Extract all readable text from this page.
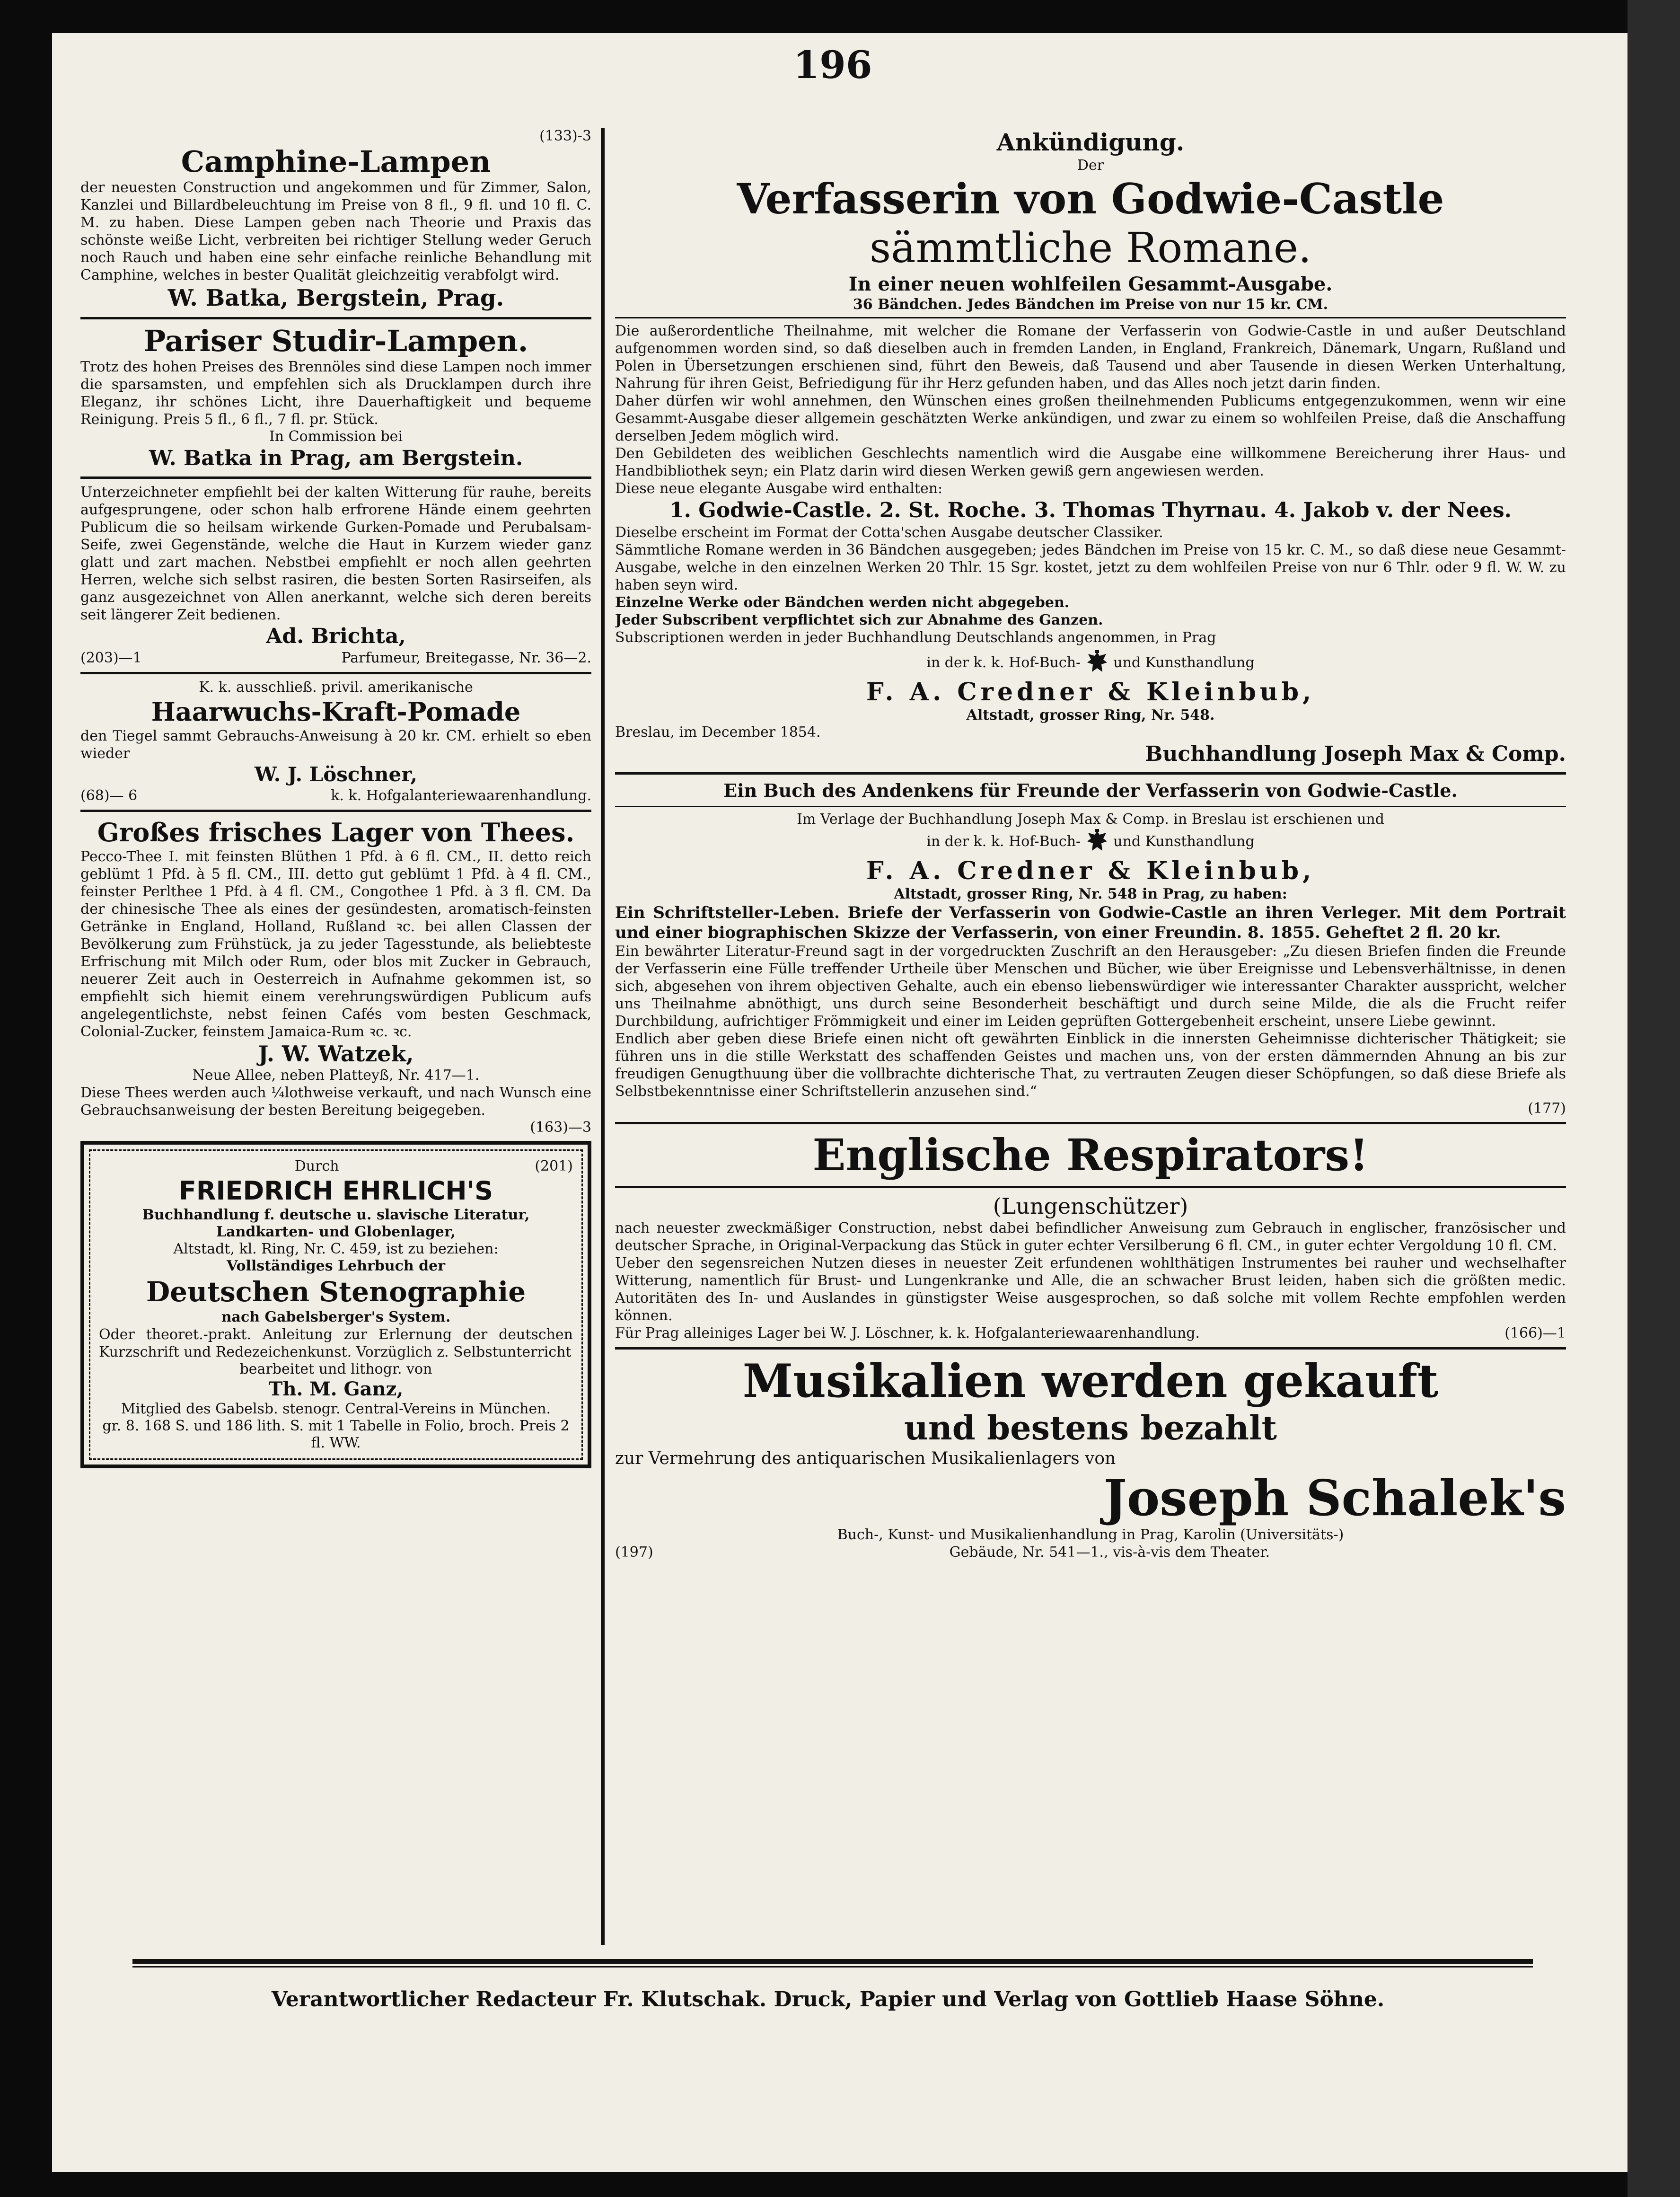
196
(133)-3
Camphine-Lampen

der neuesten Construction und angekommen und für Zimmer, Salon, Kanzlei und Billardbeleuchtung im Preise von 8 fl., 9 fl. und 10 fl. C. M. zu haben. Diese Lampen geben nach Theorie und Praxis das schönste weiße Licht, verbreiten bei richtiger Stellung weder Geruch noch Rauch und haben eine sehr einfache reinliche Behandlung mit Camphine, welches in bester Qualität gleichzeitig verabfolgt wird.

W. Batka, Bergstein, Prag.
Pariser Studir-Lampen.

Trotz des hohen Preises des Brennöles sind diese Lampen noch immer die sparsamsten, und empfehlen sich als Drucklampen durch ihre Eleganz, ihr schönes Licht, ihre Dauerhaftigkeit und bequeme Reinigung. Preis 5 fl., 6 fl., 7 fl. pr. Stück.

In Commission bei
W. Batka in Prag, am Bergstein.

Unterzeichneter empfiehlt bei der kalten Witterung für rauhe, bereits aufgesprungene, oder schon halb erfrorene Hände einem geehrten Publicum die so heilsam wirkende Gurken-Pomade und Perubalsam-Seife, zwei Gegenstände, welche die Haut in Kurzem wieder ganz glatt und zart machen. Nebstbei empfiehlt er noch allen geehrten Herren, welche sich selbst rasiren, die besten Sorten Rasirseifen, als ganz ausgezeichnet von Allen anerkannt, welche sich deren bereits seit längerer Zeit bedienen.

Ad. Brichta,
(203)—1	Parfumeur, Breitegasse, Nr. 36—2.
K. k. ausschließ. privil. amerikanische
Haarwuchs-Kraft-Pomade

den Tiegel sammt Gebrauchs-Anweisung à 20 kr. CM. erhielt so eben wieder

W. J. Löschner,
(68)— 6	k. k. Hofgalanteriewaarenhandlung.
Großes frisches Lager von Thees.

Pecco-Thee I. mit feinsten Blüthen 1 Pfd. à 6 fl. CM., II. detto reich geblümt 1 Pfd. à 5 fl. CM., III. detto gut geblümt 1 Pfd. à 4 fl. CM., feinster Perlthee 1 Pfd. à 4 fl. CM., Congothee 1 Pfd. à 3 fl. CM. Da der chinesische Thee als eines der gesündesten, aromatisch-feinsten Getränke in England, Holland, Rußland ꝛc. bei allen Classen der Bevölkerung zum Frühstück, ja zu jeder Tagesstunde, als beliebteste Erfrischung mit Milch oder Rum, oder blos mit Zucker in Gebrauch, neuerer Zeit auch in Oesterreich in Aufnahme gekommen ist, so empfiehlt sich hiemit einem verehrungswürdigen Publicum aufs angelegentlichste, nebst feinen Cafés vom besten Geschmack, Colonial-Zucker, feinstem Jamaica-Rum ꝛc. ꝛc.

J. W. Watzek,
Neue Allee, neben Platteyß, Nr. 417—1.

Diese Thees werden auch ¼lothweise verkauft, und nach Wunsch eine Gebrauchsanweisung der besten Bereitung beigegeben.

(163)—3
Durch	(201)
FRIEDRICH EHRLICH'S
Buchhandlung f. deutsche u. slavische Literatur, Landkarten- und Globenlager,
Altstadt, kl. Ring, Nr. C. 459, ist zu beziehen:
Vollständiges Lehrbuch der
Deutschen Stenographie
nach Gabelsberger's System.

Oder theoret.-prakt. Anleitung zur Erlernung der deutschen Kurzschrift und Redezeichenkunst. Vorzüglich z. Selbstunterricht

bearbeitet und lithogr. von
Th. M. Ganz,
Mitglied des Gabelsb. stenogr. Central-Vereins in München.
gr. 8. 168 S. und 186 lith. S. mit 1 Tabelle in Folio, broch. Preis 2 fl. WW.
Ankündigung.
Der
Verfasserin von Godwie-Castle
sämmtliche Romane.
In einer neuen wohlfeilen Gesammt-Ausgabe.
36 Bändchen. Jedes Bändchen im Preise von nur 15 kr. CM.

Die außerordentliche Theilnahme, mit welcher die Romane der Verfasserin von Godwie-Castle in und außer Deutschland aufgenommen worden sind, so daß dieselben auch in fremden Landen, in England, Frankreich, Dänemark, Ungarn, Rußland und Polen in Übersetzungen erschienen sind, führt den Beweis, daß Tausend und aber Tausende in diesen Werken Unterhaltung, Nahrung für ihren Geist, Befriedigung für ihr Herz gefunden haben, und das Alles noch jetzt darin finden.

Daher dürfen wir wohl annehmen, den Wünschen eines großen theilnehmenden Publicums entgegenzukommen, wenn wir eine Gesammt-Ausgabe dieser allgemein geschätzten Werke ankündigen, und zwar zu einem so wohlfeilen Preise, daß die Anschaffung derselben Jedem möglich wird.

Den Gebildeten des weiblichen Geschlechts namentlich wird die Ausgabe eine willkommene Bereicherung ihrer Haus- und Handbibliothek seyn; ein Platz darin wird diesen Werken gewiß gern angewiesen werden.

Diese neue elegante Ausgabe wird enthalten:

1. Godwie-Castle. 2. St. Roche. 3. Thomas Thyrnau. 4. Jakob v. der Nees.

Dieselbe erscheint im Format der Cotta'schen Ausgabe deutscher Classiker.

Sämmtliche Romane werden in 36 Bändchen ausgegeben; jedes Bändchen im Preise von 15 kr. C. M., so daß diese neue Gesammt-Ausgabe, welche in den einzelnen Werken 20 Thlr. 15 Sgr. kostet, jetzt zu dem wohlfeilen Preise von nur 6 Thlr. oder 9 fl. W. W. zu haben seyn wird.

Einzelne Werke oder Bändchen werden nicht abgegeben.

Jeder Subscribent verpflichtet sich zur Abnahme des Ganzen.

Subscriptionen werden in jeder Buchhandlung Deutschlands angenommen, in Prag

in der k. k. Hof-Buch- und Kunsthandlung
F. A. Credner & Kleinbub,
Altstadt, grosser Ring, Nr. 548.
Breslau, im December 1854.
Buchhandlung Joseph Max & Comp.
Ein Buch des Andenkens für Freunde der Verfasserin von Godwie-Castle.
Im Verlage der Buchhandlung Joseph Max & Comp. in Breslau ist erschienen und
in der k. k. Hof-Buch- und Kunsthandlung
F. A. Credner & Kleinbub,
Altstadt, grosser Ring, Nr. 548 in Prag, zu haben:

Ein Schriftsteller-Leben. Briefe der Verfasserin von Godwie-Castle an ihren Verleger. Mit dem Portrait und einer biographischen Skizze der Verfasserin, von einer Freundin. 8. 1855. Geheftet 2 fl. 20 kr.

Ein bewährter Literatur-Freund sagt in der vorgedruckten Zuschrift an den Herausgeber: „Zu diesen Briefen finden die Freunde der Verfasserin eine Fülle treffender Urtheile über Menschen und Bücher, wie über Ereignisse und Lebensverhältnisse, in denen sich, abgesehen von ihrem objectiven Gehalte, auch ein ebenso liebenswürdiger wie interessanter Charakter ausspricht, welcher uns Theilnahme abnöthigt, uns durch seine Besonderheit beschäftigt und durch seine Milde, die als die Frucht reifer Durchbildung, aufrichtiger Frömmigkeit und einer im Leiden geprüften Gottergebenheit erscheint, unsere Liebe gewinnt.

Endlich aber geben diese Briefe einen nicht oft gewährten Einblick in die innersten Geheimnisse dichterischer Thätigkeit; sie führen uns in die stille Werkstatt des schaffenden Geistes und machen uns, von der ersten dämmernden Ahnung an bis zur freudigen Genugthuung über die vollbrachte dichterische That, zu vertrauten Zeugen dieser Schöpfungen, so daß diese Briefe als Selbstbekenntnisse einer Schriftstellerin anzusehen sind.“

(177)
Englische Respirators!
(Lungenschützer)

nach neuester zweckmäßiger Construction, nebst dabei befindlicher Anweisung zum Gebrauch in englischer, französischer und deutscher Sprache, in Original-Verpackung das Stück in guter echter Versilberung 6 fl. CM., in guter echter Vergoldung 10 fl. CM.

Ueber den segensreichen Nutzen dieses in neuester Zeit erfundenen wohlthätigen Instrumentes bei rauher und wechselhafter Witterung, namentlich für Brust- und Lungenkranke und Alle, die an schwacher Brust leiden, haben sich die größten medic. Autoritäten des In- und Auslandes in günstigster Weise ausgesprochen, so daß solche mit vollem Rechte empfohlen werden können.

Für Prag alleiniges Lager bei W. J. Löschner, k. k. Hofgalanteriewaarenhandlung.	(166)—1
Musikalien werden gekauft
und bestens bezahlt
zur Vermehrung des antiquarischen Musikalienlagers von
Joseph Schalek's
Buch-, Kunst- und Musikalienhandlung in Prag, Karolin (Universitäts-)
(197)	Gebäude, Nr. 541—1., vis-à-vis dem Theater.
Verantwortlicher Redacteur Fr. Klutschak. Druck, Papier und Verlag von Gottlieb Haase Söhne.
